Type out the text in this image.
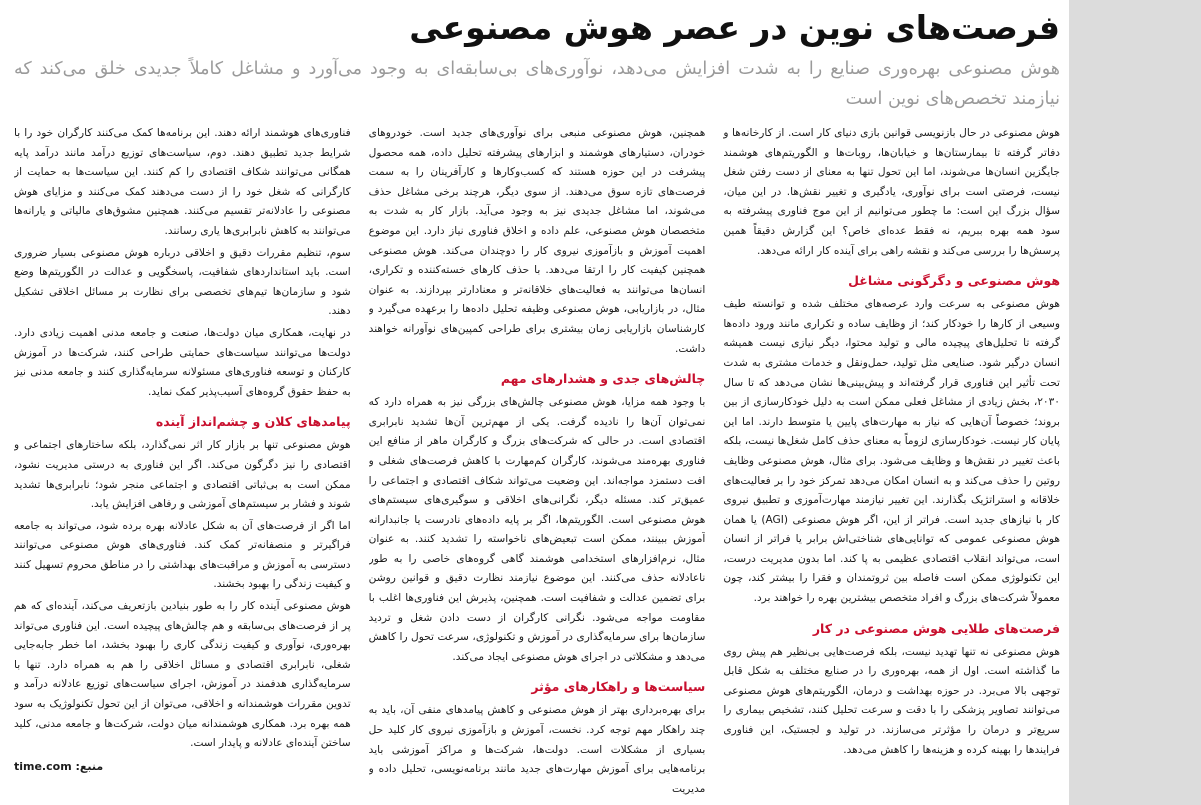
فرصت‌های نوین در عصر هوش مصنوعی
هوش مصنوعی بهره‌وری صنایع را به شدت افزایش می‌دهد، نوآوری‌های بی‌سابقه‌ای به وجود می‌آورد و مشاغل کاملاً جدیدی خلق می‌کند که نیازمند تخصص‌های نوین است

هوش مصنوعی در حال بازنویسی قوانین بازی دنیای کار است. از کارخانه‌ها و دفاتر گرفته تا بیمارستان‌ها و خیابان‌ها، روبات‌ها و الگوریتم‌های هوشمند جایگزین انسان‌ها می‌شوند، اما این تحول تنها به معنای از دست رفتن شغل نیست، فرصتی است برای نوآوری، یادگیری و تغییر نقش‌ها. در این میان، سؤال بزرگ این است: ما چطور می‌توانیم از این موج فناوری پیشرفته به سود همه بهره ببریم، نه فقط عده‌ای خاص؟ این گزارش دقیقاً همین پرسش‌ها را بررسی می‌کند و نقشه راهی برای آینده کار ارائه می‌دهد.

هوش مصنوعی و دگرگونی مشاغل

هوش مصنوعی به سرعت وارد عرصه‌های مختلف شده و توانسته طیف وسیعی از کارها را خودکار کند؛ از وظایف ساده و تکراری مانند ورود داده‌ها گرفته تا تحلیل‌های پیچیده مالی و تولید محتوا، دیگر نیازی نیست همیشه انسان درگیر شود. صنایعی مثل تولید، حمل‌ونقل و خدمات مشتری به شدت تحت تأثیر این فناوری قرار گرفته‌اند و پیش‌بینی‌ها نشان می‌دهد که تا سال ۲۰۳۰، بخش زیادی از مشاغل فعلی ممکن است به دلیل خودکارسازی از بین بروند؛ خصوصاً آن‌هایی که نیاز به مهارت‌های پایین یا متوسط دارند. اما این پایان کار نیست. خودکارسازی لزوماً به معنای حذف کامل شغل‌ها نیست، بلکه باعث تغییر در نقش‌ها و وظایف می‌شود. برای مثال، هوش مصنوعی وظایف روتین را حذف می‌کند و به انسان امکان می‌دهد تمرکز خود را بر فعالیت‌های خلاقانه و استراتژیک بگذارند. این تغییر نیازمند مهارت‌آموزی و تطبیق نیروی کار با نیازهای جدید است. فراتر از این، اگر هوش مصنوعی (AGI) یا همان هوش مصنوعی عمومی که توانایی‌های شناختی‌اش برابر یا فراتر از انسان است، می‌تواند انقلاب اقتصادی عظیمی به پا کند. اما بدون مدیریت درست، این تکنولوژی ممکن است فاصله بین ثروتمندان و فقرا را بیشتر کند، چون معمولاً شرکت‌های بزرگ و افراد متخصص بیشترین بهره را خواهند برد.

فرصت‌های طلایی هوش مصنوعی در کار

هوش مصنوعی نه تنها تهدید نیست، بلکه فرصت‌هایی بی‌نظیر هم پیش روی ما گذاشته است. اول از همه، بهره‌وری را در صنایع مختلف به شکل قابل توجهی بالا می‌برد. در حوزه بهداشت و درمان، الگوریتم‌های هوش مصنوعی می‌توانند تصاویر پزشکی را با دقت و سرعت تحلیل کنند، تشخیص بیماری را سریع‌تر و درمان را مؤثرتر می‌سازند. در تولید و لجستیک، این فناوری فرایندها را بهینه کرده و هزینه‌ها را کاهش می‌دهد.

همچنین، هوش مصنوعی منبعی برای نوآوری‌های جدید است. خودروهای خودران، دستیارهای هوشمند و ابزارهای پیشرفته تحلیل داده، همه محصول پیشرفت در این حوزه هستند که کسب‌وکارها و کارآفرینان را به سمت فرصت‌های تازه سوق می‌دهند. از سوی دیگر، هرچند برخی مشاغل حذف می‌شوند، اما مشاغل جدیدی نیز به وجود می‌آید. بازار کار به شدت به متخصصان هوش مصنوعی، علم داده و اخلاق فناوری نیاز دارد. این موضوع اهمیت آموزش و بازآموزی نیروی کار را دوچندان می‌کند. هوش مصنوعی همچنین کیفیت کار را ارتقا می‌دهد. با حذف کارهای خسته‌کننده و تکراری، انسان‌ها می‌توانند به فعالیت‌های خلاقانه‌تر و معنادارتر بپردازند. به عنوان مثال، در بازاریابی، هوش مصنوعی وظیفه تحلیل داده‌ها را برعهده می‌گیرد و کارشناسان بازاریابی زمان بیشتری برای طراحی کمپین‌های نوآورانه خواهند داشت.

چالش‌های جدی و هشدارهای مهم

با وجود همه مزایا، هوش مصنوعی چالش‌های بزرگی نیز به همراه دارد که نمی‌توان آن‌ها را نادیده گرفت. یکی از مهم‌ترین آن‌ها تشدید نابرابری اقتصادی است. در حالی که شرکت‌های بزرگ و کارگران ماهر از منافع این فناوری بهره‌مند می‌شوند، کارگران کم‌مهارت با کاهش فرصت‌های شغلی و افت دستمزد مواجه‌اند. این وضعیت می‌تواند شکاف اقتصادی و اجتماعی را عمیق‌تر کند. مسئله دیگر، نگرانی‌های اخلاقی و سوگیری‌های سیستم‌های هوش مصنوعی است. الگوریتم‌ها، اگر بر پایه داده‌های نادرست یا جانبدارانه آموزش ببینند، ممکن است تبعیض‌های ناخواسته را تشدید کنند. به عنوان مثال، نرم‌افزارهای استخدامی هوشمند گاهی گروه‌های خاصی را به طور ناعادلانه حذف می‌کنند. این موضوع نیازمند نظارت دقیق و قوانین روشن برای تضمین عدالت و شفافیت است. همچنین، پذیرش این فناوری‌ها اغلب با مقاومت مواجه می‌شود. نگرانی کارگران از دست دادن شغل و تردید سازمان‌ها برای سرمایه‌گذاری در آموزش و تکنولوژی، سرعت تحول را کاهش می‌دهد و مشکلاتی در اجرای هوش مصنوعی ایجاد می‌کند.

سیاست‌ها و راهکارهای مؤثر

برای بهره‌برداری بهتر از هوش مصنوعی و کاهش پیامدهای منفی آن، باید به چند راهکار مهم توجه کرد. نخست، آموزش و بازآموزی نیروی کار کلید حل بسیاری از مشکلات است. دولت‌ها، شرکت‌ها و مراکز آموزشی باید برنامه‌هایی برای آموزش مهارت‌های جدید مانند برنامه‌نویسی، تحلیل داده و مدیریت

فناوری‌های هوشمند ارائه دهند. این برنامه‌ها کمک می‌کنند کارگران خود را با شرایط جدید تطبیق دهند. دوم، سیاست‌های توزیع درآمد مانند درآمد پایه همگانی می‌توانند شکاف اقتصادی را کم کنند. این سیاست‌ها به حمایت از کارگرانی که شغل خود را از دست می‌دهند کمک می‌کنند و مزایای هوش مصنوعی را عادلانه‌تر تقسیم می‌کنند. همچنین مشوق‌های مالیاتی و یارانه‌ها می‌توانند به کاهش نابرابری‌ها یاری رسانند.

سوم، تنظیم مقررات دقیق و اخلاقی درباره هوش مصنوعی بسیار ضروری است. باید استانداردهای شفافیت، پاسخگویی و عدالت در الگوریتم‌ها وضع شود و سازمان‌ها تیم‌های تخصصی برای نظارت بر مسائل اخلاقی تشکیل دهند.

در نهایت، همکاری میان دولت‌ها، صنعت و جامعه مدنی اهمیت زیادی دارد. دولت‌ها می‌توانند سیاست‌های حمایتی طراحی کنند، شرکت‌ها در آموزش کارکنان و توسعه فناوری‌های مسئولانه سرمایه‌گذاری کنند و جامعه مدنی نیز به حفظ حقوق گروه‌های آسیب‌پذیر کمک نماید.

پیامدهای کلان و چشم‌انداز آینده

هوش مصنوعی تنها بر بازار کار اثر نمی‌گذارد، بلکه ساختارهای اجتماعی و اقتصادی را نیز دگرگون می‌کند. اگر این فناوری به درستی مدیریت نشود، ممکن است به بی‌ثباتی اقتصادی و اجتماعی منجر شود؛ نابرابری‌ها تشدید شوند و فشار بر سیستم‌های آموزشی و رفاهی افزایش یابد.

اما اگر از فرصت‌های آن به شکل عادلانه بهره برده شود، می‌تواند به جامعه فراگیرتر و منصفانه‌تر کمک کند. فناوری‌های هوش مصنوعی می‌توانند دسترسی به آموزش و مراقبت‌های بهداشتی را در مناطق محروم تسهیل کنند و کیفیت زندگی را بهبود بخشند.

هوش مصنوعی آینده کار را به طور بنیادین بازتعریف می‌کند، آینده‌ای که هم پر از فرصت‌های بی‌سابقه و هم چالش‌های پیچیده است. این فناوری می‌تواند بهره‌وری، نوآوری و کیفیت زندگی کاری را بهبود بخشد، اما خطر جابه‌جایی شغلی، نابرابری اقتصادی و مسائل اخلاقی را هم به همراه دارد. تنها با سرمایه‌گذاری هدفمند در آموزش، اجرای سیاست‌های توزیع عادلانه درآمد و تدوین مقررات هوشمندانه و اخلاقی، می‌توان از این تحول تکنولوژیک به سود همه بهره برد. همکاری هوشمندانه میان دولت، شرکت‌ها و جامعه مدنی، کلید ساختن آینده‌ای عادلانه و پایدار است.

منبع: time.com
